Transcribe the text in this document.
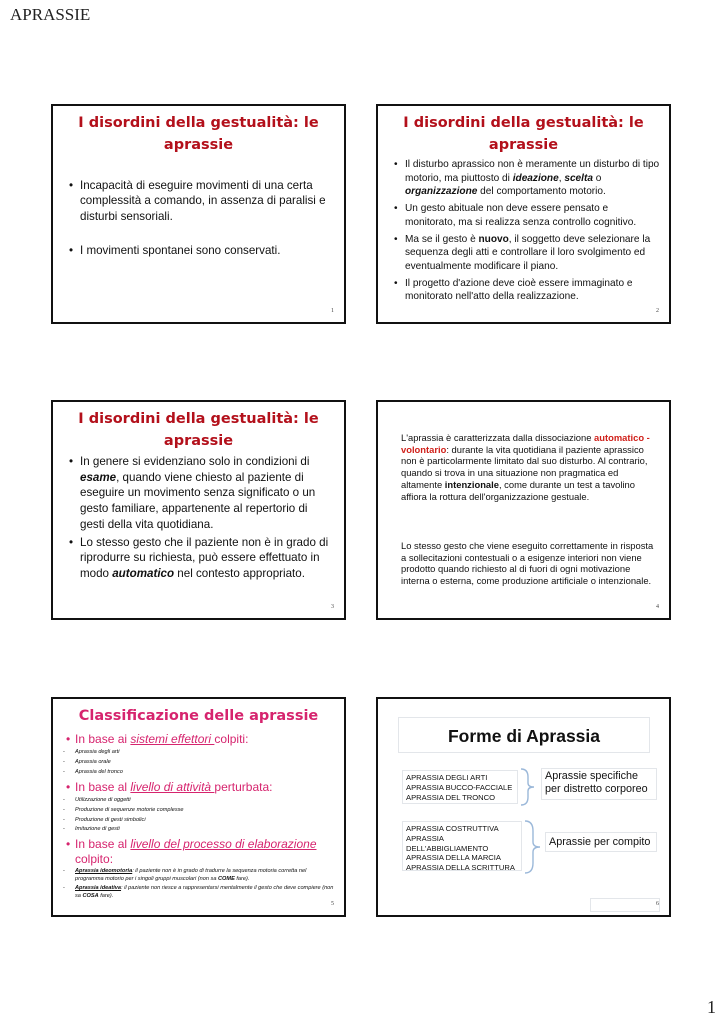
APRASSIE
I disordini della gestualità: le aprassie
• Incapacità di eseguire movimenti di una certa complessità a comando, in assenza di paralisi e disturbi sensoriali.
• I movimenti spontanei sono conservati.
1
I disordini della gestualità: le aprassie
• Il disturbo aprassico non è meramente un disturbo di tipo motorio, ma piuttosto di ideazione, scelta o organizzazione del comportamento motorio.
• Un gesto abituale non deve essere pensato e monitorato, ma si realizza senza controllo cognitivo.
• Ma se il gesto è nuovo, il soggetto deve selezionare la sequenza degli atti e controllare il loro svolgimento ed eventualmente modificare il piano.
• Il progetto d'azione deve cioè essere immaginato e monitorato nell'atto della realizzazione.
2
I disordini della gestualità: le aprassie
• In genere si evidenziano solo in condizioni di esame, quando viene chiesto al paziente di eseguire un movimento senza significato o un gesto familiare, appartenente al repertorio di gesti della vita quotidiana.
• Lo stesso gesto che il paziente non è in grado di riprodurre su richiesta, può essere effettuato in modo automatico nel contesto appropriato.
3
L'aprassia è caratterizzata dalla dissociazione automatico - volontario: durante la vita quotidiana il paziente aprassico non è particolarmente limitato dal suo disturbo. Al contrario, quando si trova in una situazione non pragmatica ed altamente intenzionale, come durante un test a tavolino affiora la rottura dell'organizzazione gestuale.
Lo stesso gesto che viene eseguito correttamente in risposta a sollecitazioni contestuali o a esigenze interiori non viene prodotto quando richiesto al di fuori di ogni motivazione interna o esterna, come produzione artificiale o intenzionale.
4
Classificazione delle aprassie
• In base ai sistemi effettori colpiti:
- Aprassia degli arti
- Aprassia orale
- Aprassia del tronco
• In base al livello di attività perturbata:
- Utilizzazione di oggetti
- Produzione di sequenze motorie complesse
- Produzione di gesti simbolici
- Imitazione di gesti
• In base al livello del processo di elaborazione colpito:
- Aprassia ideomotoria: il paziente non è in grado di tradurre la sequenza motoria corretta nel programma motorio per i singoli gruppi muscolari (non sa COME fare).
- Aprassia ideativa: il paziente non riesce a rappresentarsi mentalmente il gesto che deve compiere (non sa COSA fare).
5
Forme di Aprassia
APRASSIA DEGLI ARTI
APRASSIA BUCCO-FACCIALE
APRASSIA DEL TRONCO
Aprassie specifiche per distretto corporeo
APRASSIA COSTRUTTIVA
APRASSIA
DELL'ABBIGLIAMENTO
APRASSIA DELLA MARCIA
APRASSIA DELLA SCRITTURA
Aprassie per compito
6
1
